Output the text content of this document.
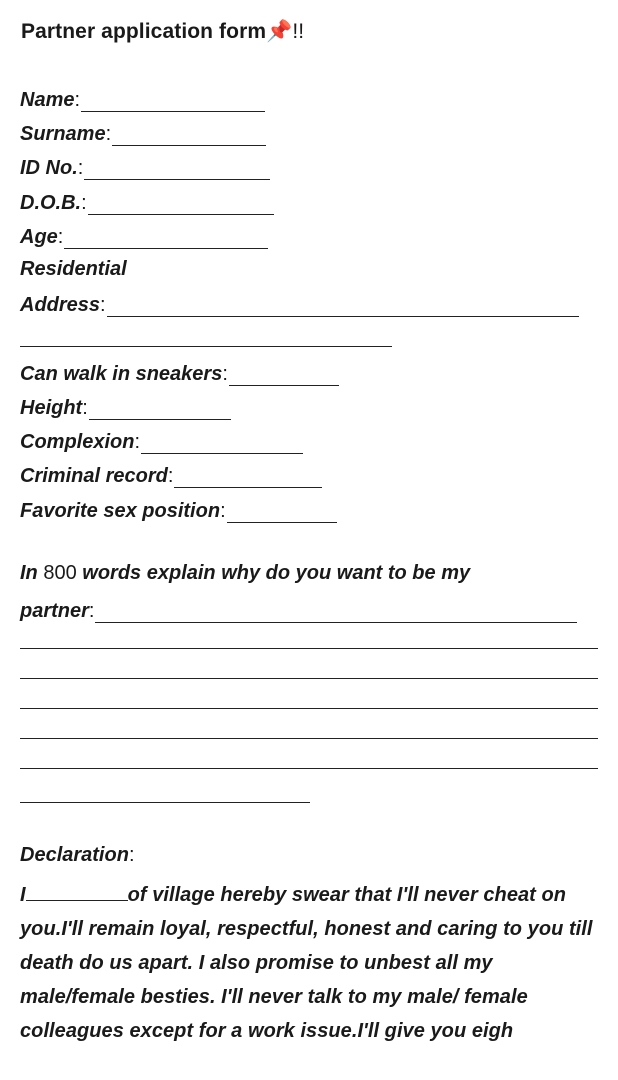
Partner application form📌!!
Name :
Surname :
ID No. :
D.O.B. :
Age :
Residential
Address :
Can walk in sneakers :
Height :
Complexion :
Criminal record :
Favorite sex position :
In 800 words explain why do you want to be my
partner :
Declaration:
I	of village hereby swear that I'll never cheat on you.I'll remain loyal, respectful, honest and caring to you till death do us apart. I also promise to unbest all my male/female besties. I'll never talk to my male/ female colleagues except for a work issue.I'll give you eigh
